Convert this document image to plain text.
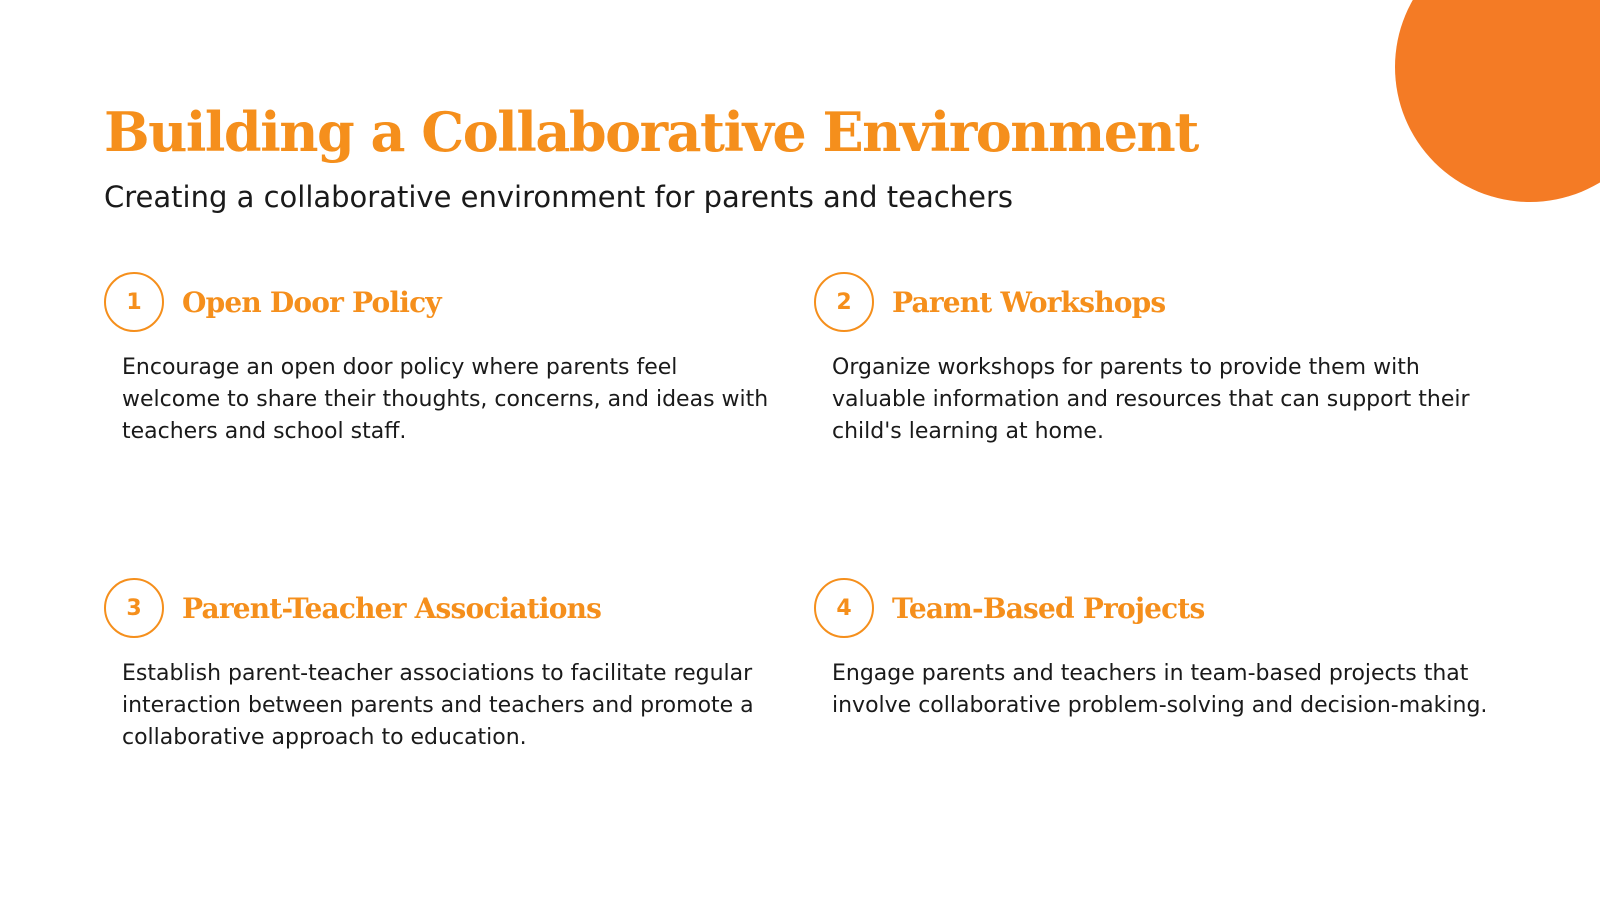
Building a Collaborative Environment

Creating a collaborative environment for parents and teachers

1	Open Door Policy

Encourage an open door policy where parents feel welcome to share their thoughts, concerns, and ideas with teachers and school staff.

2	Parent Workshops

Organize workshops for parents to provide them with valuable information and resources that can support their child's learning at home.

3	Parent-Teacher Associations

Establish parent-teacher associations to facilitate regular interaction between parents and teachers and promote a collaborative approach to education.

4	Team-Based Projects

Engage parents and teachers in team-based projects that involve collaborative problem-solving and decision-making.
